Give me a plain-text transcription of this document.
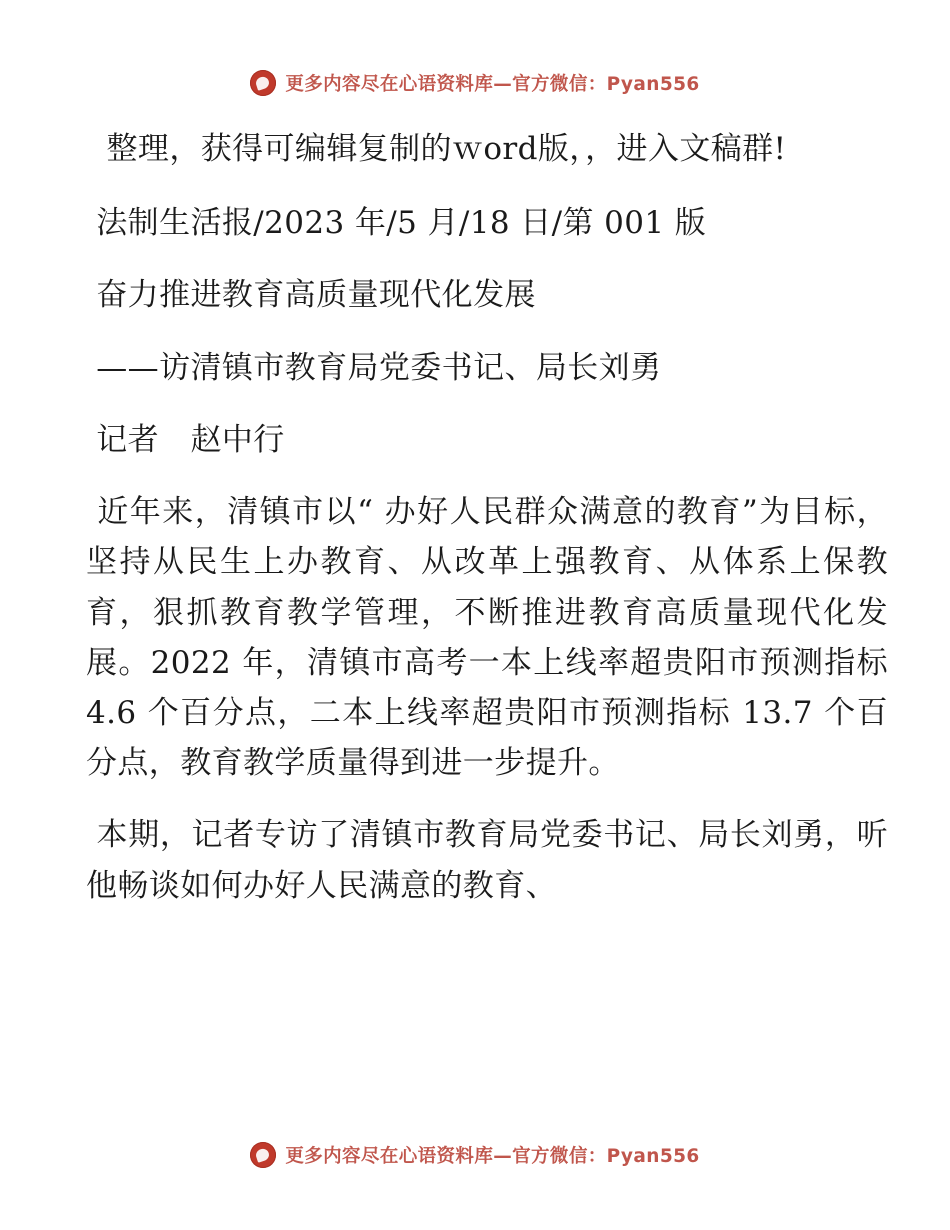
更多内容尽在心语资料库—官方微信：Pyan556

整理，获得可编辑复制的ｗord版，，进入文稿群!

法制生活报/2023 年/5 月/18 日/第 001 版

奋力推进教育高质量现代化发展

——访清镇市教育局党委书记、局长刘勇

记者　赵中行

近年来，清镇市以“ 办好人民群众满意的教育”为目标，坚持从民生上办教育、从改革上强教育、从体系上保教育，狠抓教育教学管理，不断推进教育高质量现代化发展。2022 年，清镇市高考一本上线率超贵阳市预测指标 4.6 个百分点，二本上线率超贵阳市预测指标 13.7 个百分点，教育教学质量得到进一步提升。

本期，记者专访了清镇市教育局党委书记、局长刘勇，听他畅谈如何办好人民满意的教育、

更多内容尽在心语资料库—官方微信：Pyan556
